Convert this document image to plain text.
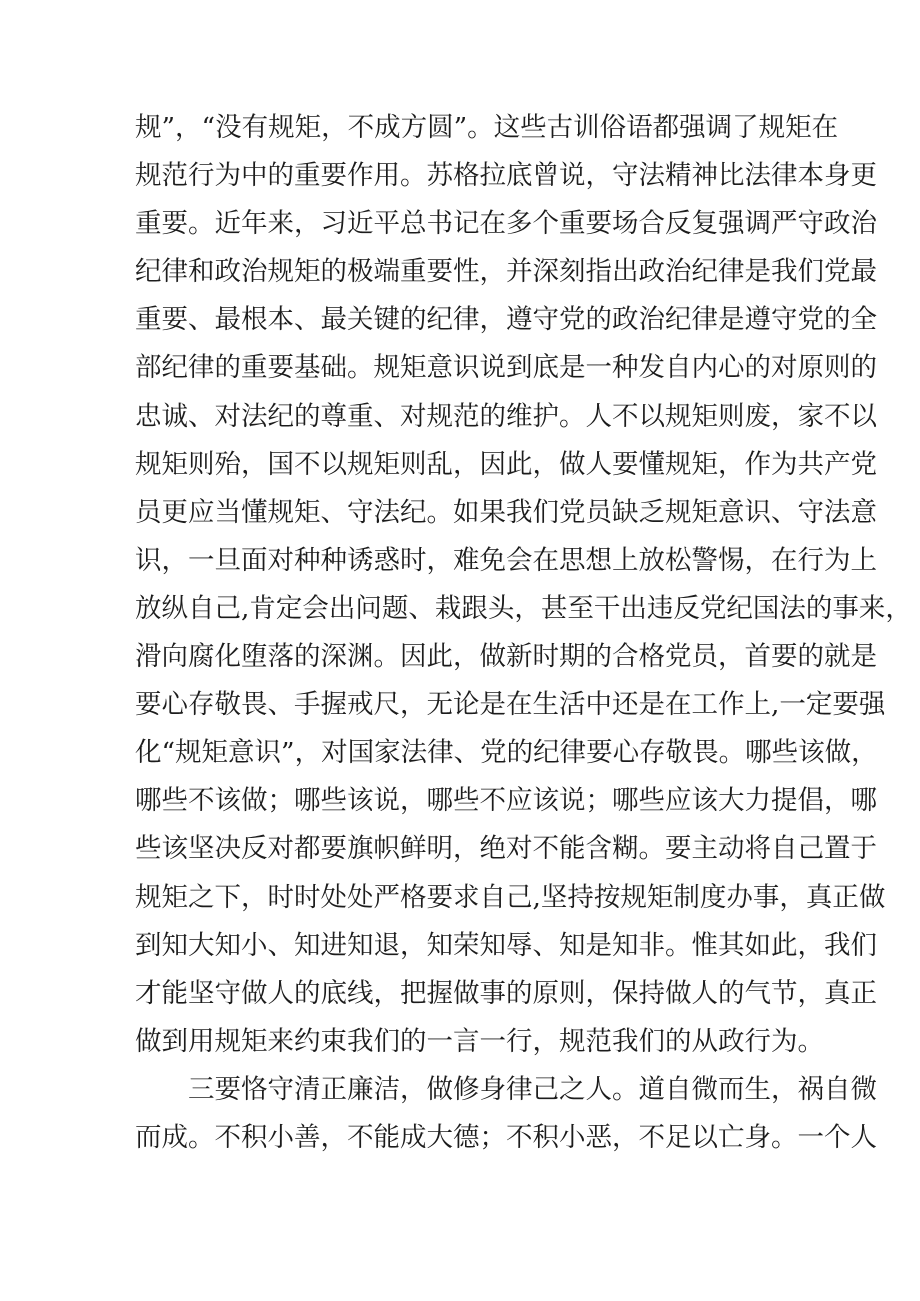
规”，“没有规矩，不成方圆”。这些古训俗语都强调了规矩在
规范行为中的重要作用。苏格拉底曾说，守法精神比法律本身更
重要。近年来，习近平总书记在多个重要场合反复强调严守政治
纪律和政治规矩的极端重要性，并深刻指出政治纪律是我们党最
重要、最根本、最关键的纪律，遵守党的政治纪律是遵守党的全
部纪律的重要基础。规矩意识说到底是一种发自内心的对原则的
忠诚、对法纪的尊重、对规范的维护。人不以规矩则废，家不以
规矩则殆，国不以规矩则乱，因此，做人要懂规矩，作为共产党
员更应当懂规矩、守法纪。如果我们党员缺乏规矩意识、守法意
识，一旦面对种种诱惑时，难免会在思想上放松警惕，在行为上
放纵自己,肯定会出问题、栽跟头，甚至干出违反党纪国法的事来，
滑向腐化堕落的深渊。因此，做新时期的合格党员，首要的就是
要心存敬畏、手握戒尺，无论是在生活中还是在工作上,一定要强
化“规矩意识”，对国家法律、党的纪律要心存敬畏。哪些该做，
哪些不该做；哪些该说，哪些不应该说；哪些应该大力提倡，哪
些该坚决反对都要旗帜鲜明，绝对不能含糊。要主动将自己置于
规矩之下，时时处处严格要求自己,坚持按规矩制度办事，真正做
到知大知小、知进知退，知荣知辱、知是知非。惟其如此，我们
才能坚守做人的底线，把握做事的原则，保持做人的气节，真正
做到用规矩来约束我们的一言一行，规范我们的从政行为。
三要恪守清正廉洁，做修身律己之人。道自微而生，祸自微
而成。不积小善，不能成大德；不积小恶，不足以亡身。一个人
